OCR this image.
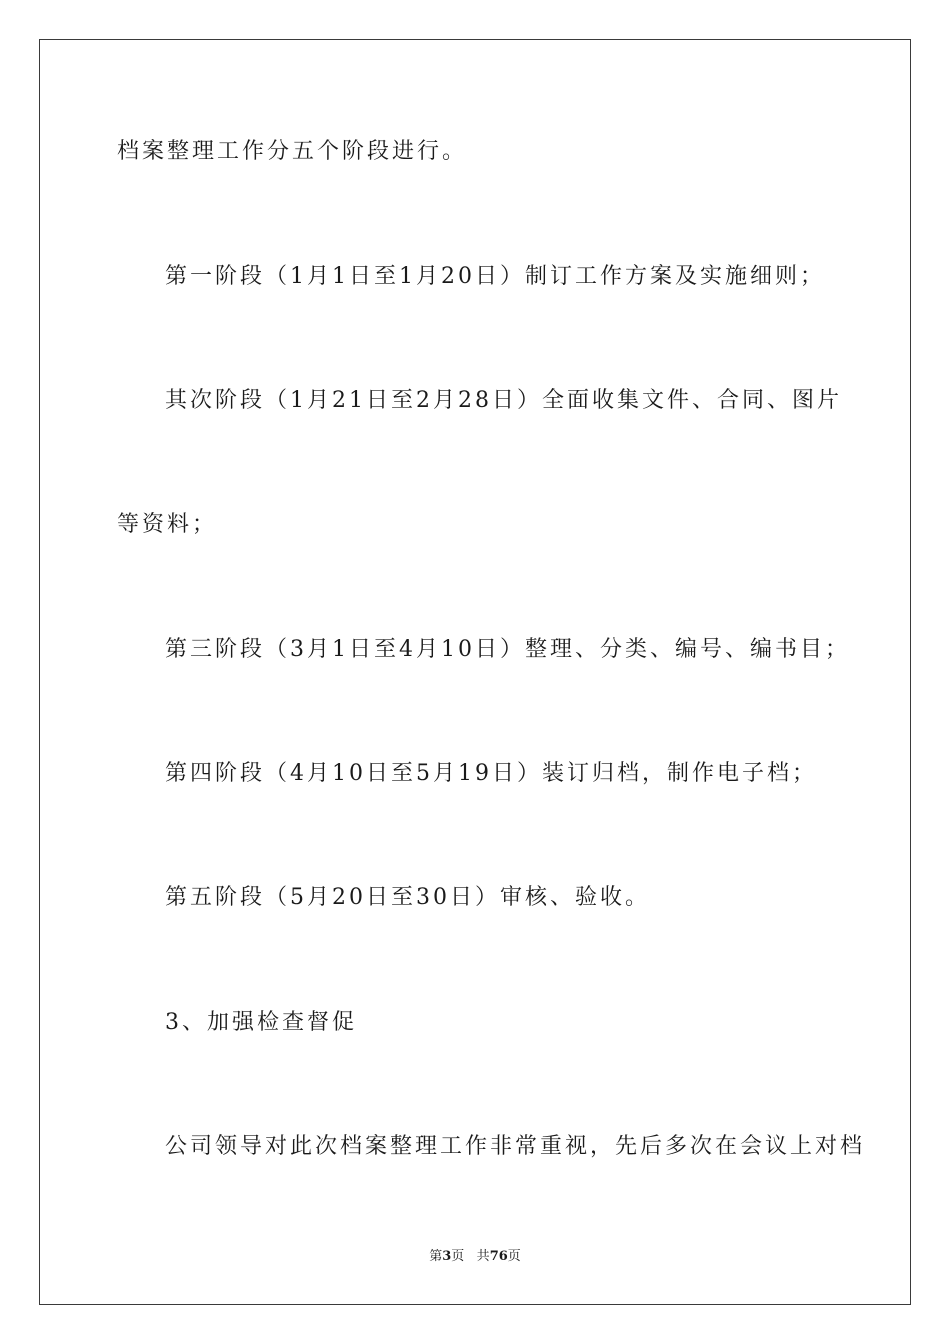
档案整理工作分五个阶段进行。
第一阶段（1月1日至1月20日）制订工作方案及实施细则；
其次阶段（1月21日至2月28日）全面收集文件、合同、图片
等资料；
第三阶段（3月1日至4月10日）整理、分类、编号、编书目；
第四阶段（4月10日至5月19日）装订归档，制作电子档；
第五阶段（5月20日至30日）审核、验收。
3、加强检查督促
公司领导对此次档案整理工作非常重视，先后多次在会议上对档
第3页 共76页
